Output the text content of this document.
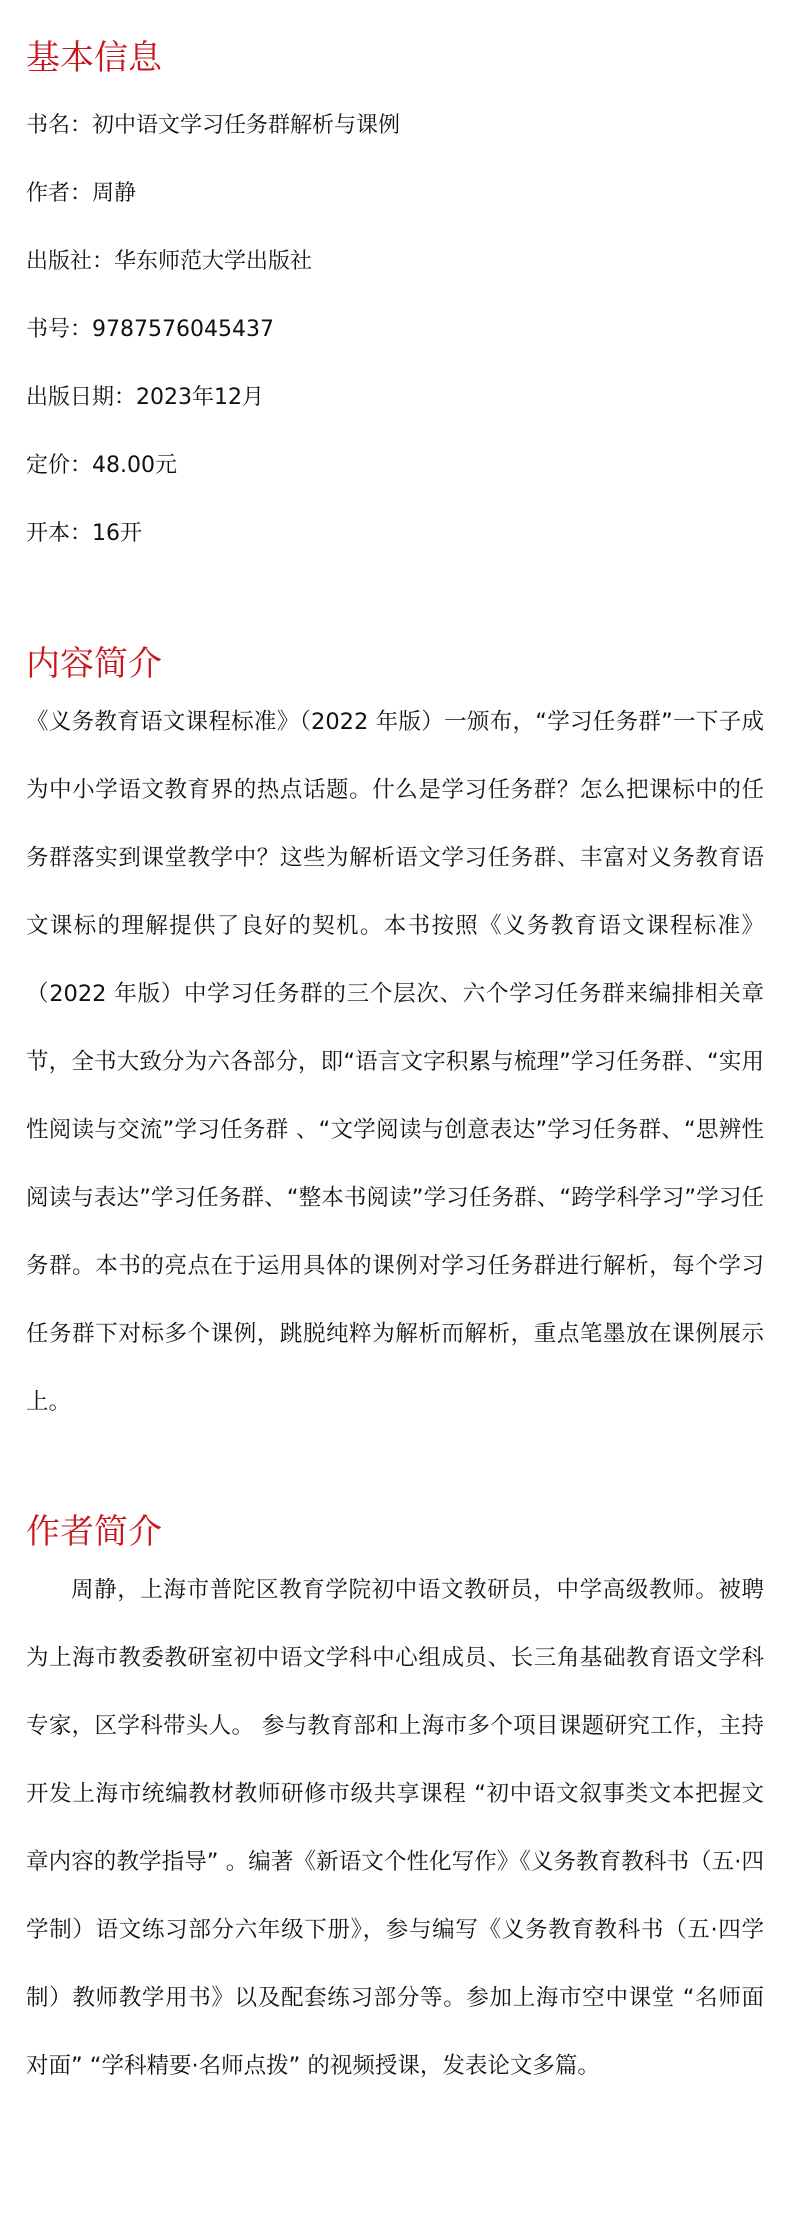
基本信息
书名：初中语文学习任务群解析与课例
作者：周静
出版社：华东师范大学出版社
书号：9787576045437
出版日期：2023年12月
定价：48.00元
开本：16开
内容简介

《义务教育语文课程标准》（2022 年版）一颁布，“学习任务群”一下子成为中小学语文教育界的热点话题。什么是学习任务群？怎么把课标中的任务群落实到课堂教学中？这些为解析语文学习任务群、丰富对义务教育语文课标的理解提供了良好的契机。本书按照《义务教育语文课程标准》（2022 年版）中学习任务群的三个层次、六个学习任务群来编排相关章节，全书大致分为六各部分，即“语言文字积累与梳理”学习任务群、“实用性阅读与交流”学习任务群 、“文学阅读与创意表达”学习任务群、“思辨性阅读与表达”学习任务群、“整本书阅读”学习任务群、“跨学科学习”学习任务群。本书的亮点在于运用具体的课例对学习任务群进行解析，每个学习任务群下对标多个课例，跳脱纯粹为解析而解析，重点笔墨放在课例展示上。

作者简介

周静，上海市普陀区教育学院初中语文教研员，中学高级教师。被聘为上海市教委教研室初中语文学科中心组成员、长三角基础教育语文学科专家，区学科带头人。 参与教育部和上海市多个项目课题研究工作，主持开发上海市统编教材教师研修市级共享课程 “初中语文叙事类文本把握文章内容的教学指导” 。编著《新语文个性化写作》《义务教育教科书（五·四学制）语文练习部分六年级下册》，参与编写《义务教育教科书（五·四学制）教师教学用书》以及配套练习部分等。参加上海市空中课堂 “名师面对面” “学科精要·名师点拨” 的视频授课，发表论文多篇。
